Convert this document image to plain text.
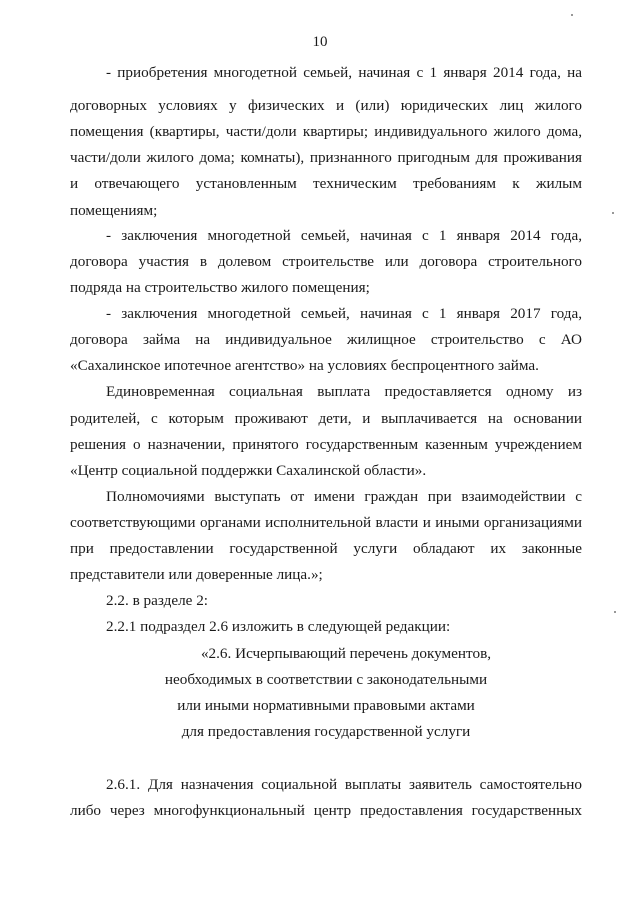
10
- приобретения многодетной семьей, начиная с 1 января 2014 года, на
договорных условиях у физических и (или) юридических лиц жилого
помещения (квартиры, части/доли квартиры; индивидуального жилого дома,
части/доли жилого дома; комнаты), признанного пригодным для проживания
и отвечающего установленным техническим требованиям к жилым
помещениям;
- заключения многодетной семьей, начиная с 1 января 2014 года,
договора участия в долевом строительстве или договора строительного
подряда на строительство жилого помещения;
- заключения многодетной семьей, начиная с 1 января 2017 года,
договора займа на индивидуальное жилищное строительство с АО
«Сахалинское ипотечное агентство» на условиях беспроцентного займа.
Единовременная социальная выплата предоставляется одному из
родителей, с которым проживают дети, и выплачивается на основании
решения о назначении, принятого государственным казенным учреждением
«Центр социальной поддержки Сахалинской области».
Полномочиями выступать от имени граждан при взаимодействии с
соответствующими органами исполнительной власти и иными организациями
при предоставлении государственной услуги обладают их законные
представители или доверенные лица.»;
2.2. в разделе 2:
2.2.1 подраздел 2.6 изложить в следующей редакции:
«2.6. Исчерпывающий перечень документов,
необходимых в соответствии с законодательными
или иными нормативными правовыми актами
для предоставления государственной услуги
2.6.1. Для назначения социальной выплаты заявитель самостоятельно
либо через многофункциональный центр предоставления государственных
